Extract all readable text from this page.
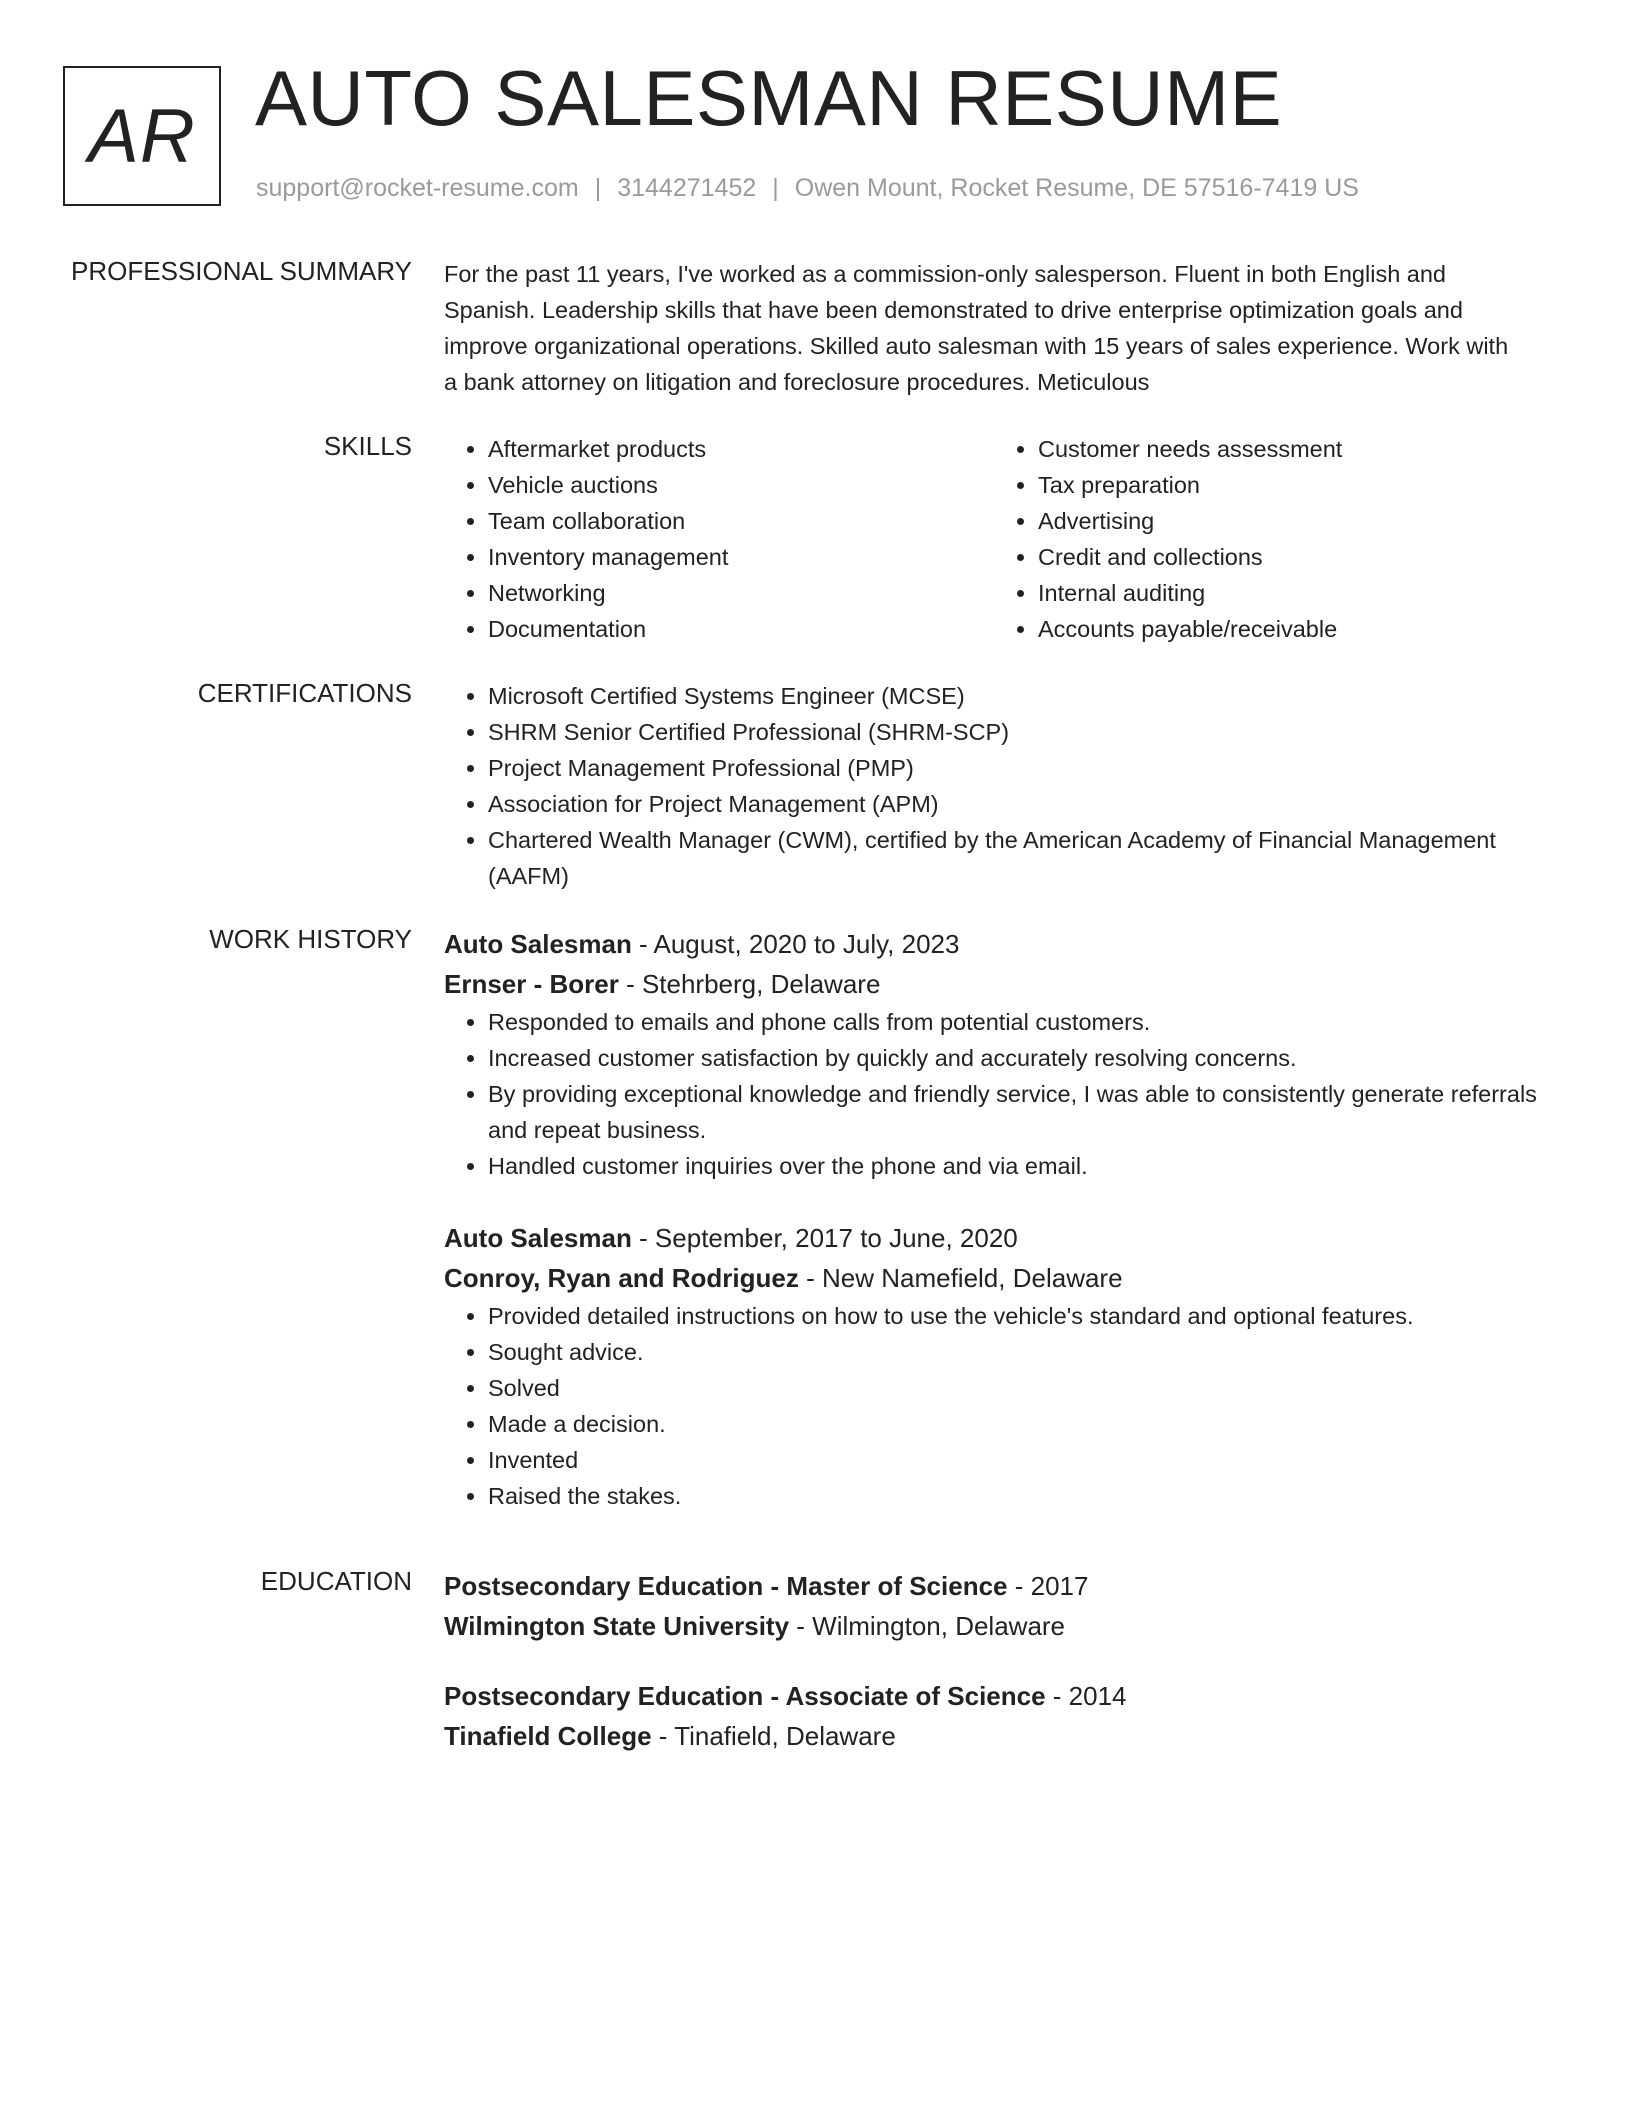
AR AUTO SALESMAN RESUME
support@rocket-resume.com | 3144271452 | Owen Mount, Rocket Resume, DE 57516-7419 US
PROFESSIONAL SUMMARY For the past 11 years, I've worked as a commission-only salesperson. Fluent in both English and Spanish. Leadership skills that have been demonstrated to drive enterprise optimization goals and improve organizational operations. Skilled auto salesman with 15 years of sales experience. Work with a bank attorney on litigation and foreclosure procedures. Meticulous
SKILLS	• Aftermarket products
• Vehicle auctions
• Team collaboration
• Inventory management
• Networking
• Documentation
• Customer needs assessment
• Tax preparation
• Advertising
• Credit and collections
• Internal auditing
• Accounts payable/receivable
CERTIFICATIONS	• Microsoft Certified Systems Engineer (MCSE)
• SHRM Senior Certified Professional (SHRM-SCP)
• Project Management Professional (PMP)
• Association for Project Management (APM)
• Chartered Wealth Manager (CWM), certified by the American Academy of Financial Management (AAFM)
WORK HISTORY Auto Salesman - August, 2020 to July, 2023
Ernser - Borer - Stehrberg, Delaware
• Responded to emails and phone calls from potential customers.
• Increased customer satisfaction by quickly and accurately resolving concerns.
• By providing exceptional knowledge and friendly service, I was able to consistently generate referrals and repeat business.
• Handled customer inquiries over the phone and via email.
Auto Salesman - September, 2017 to June, 2020
Conroy, Ryan and Rodriguez - New Namefield, Delaware
• Provided detailed instructions on how to use the vehicle's standard and optional features.
• Sought advice.
• Solved
• Made a decision.
• Invented
• Raised the stakes.
EDUCATION Postsecondary Education - Master of Science - 2017
Wilmington State University - Wilmington, Delaware
Postsecondary Education - Associate of Science - 2014
Tinafield College - Tinafield, Delaware
